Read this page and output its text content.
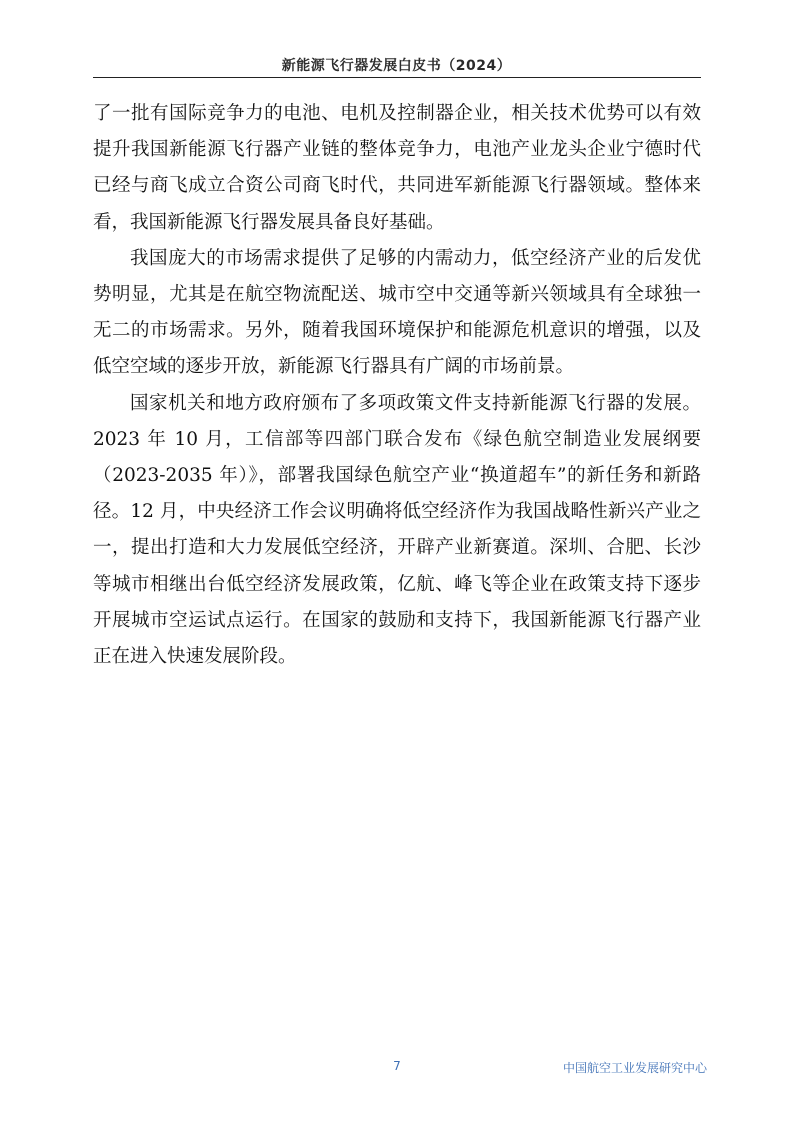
新能源飞行器发展白皮书（2024）

了一批有国际竞争力的电池、电机及控制器企业，相关技术优势可以有效提升我国新能源飞行器产业链的整体竞争力，电池产业龙头企业宁德时代已经与商飞成立合资公司商飞时代，共同进军新能源飞行器领域。整体来看，我国新能源飞行器发展具备良好基础。

我国庞大的市场需求提供了足够的内需动力，低空经济产业的后发优势明显，尤其是在航空物流配送、城市空中交通等新兴领域具有全球独一无二的市场需求。另外，随着我国环境保护和能源危机意识的增强，以及低空空域的逐步开放，新能源飞行器具有广阔的市场前景。

国家机关和地方政府颁布了多项政策文件支持新能源飞行器的发展。2023 年 10 月，工信部等四部门联合发布《绿色航空制造业发展纲要（2023-2035 年）》，部署我国绿色航空产业“换道超车”的新任务和新路径。12 月，中央经济工作会议明确将低空经济作为我国战略性新兴产业之一，提出打造和大力发展低空经济，开辟产业新赛道。深圳、合肥、长沙等城市相继出台低空经济发展政策，亿航、峰飞等企业在政策支持下逐步开展城市空运试点运行。在国家的鼓励和支持下，我国新能源飞行器产业正在进入快速发展阶段。

7	中国航空工业发展研究中心
